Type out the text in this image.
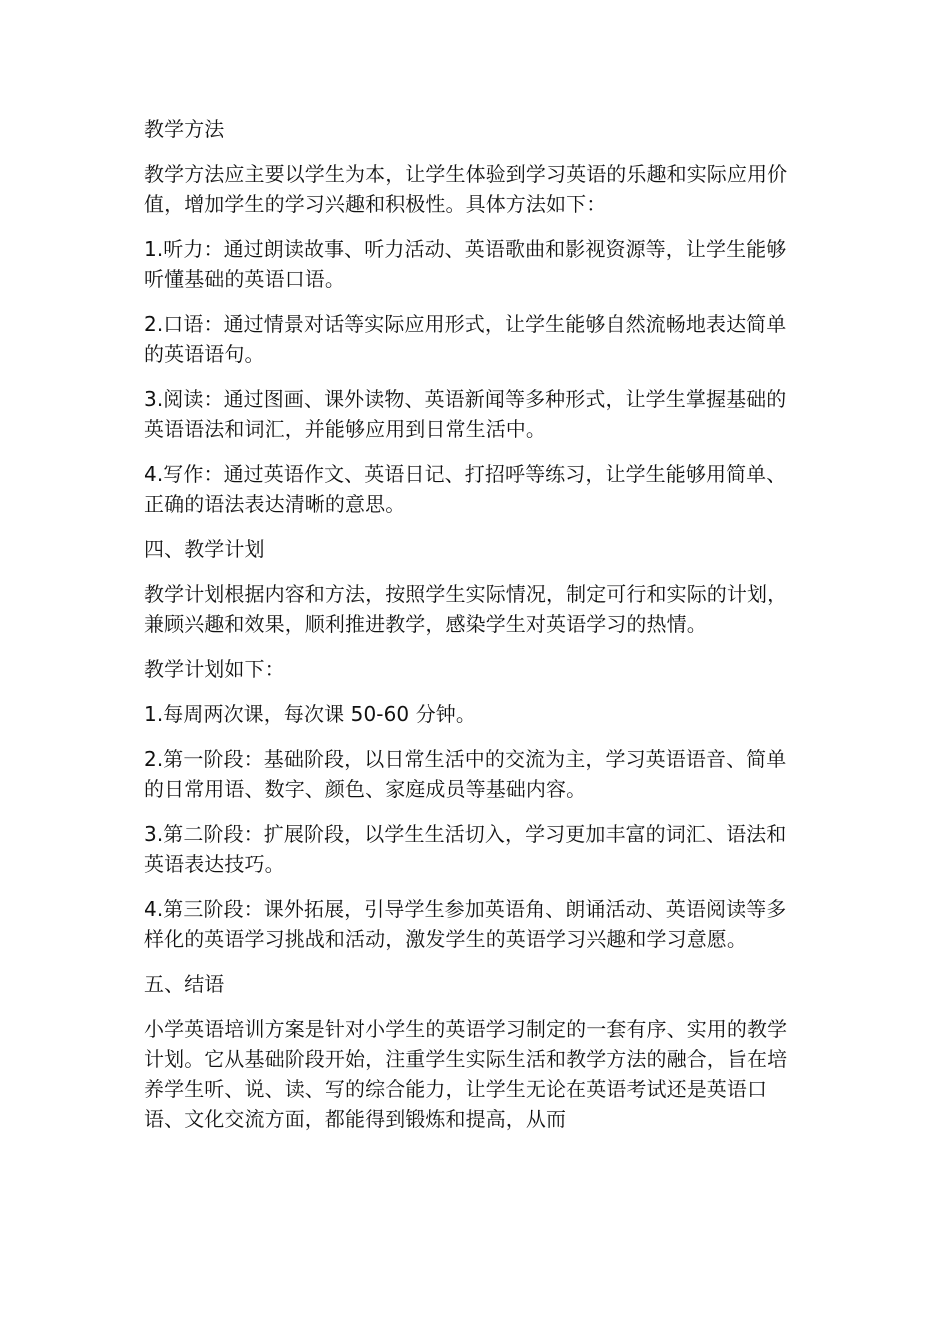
教学方法

教学方法应主要以学生为本，让学生体验到学习英语的乐趣和实际应用价值，增加学生的学习兴趣和积极性。具体方法如下：

1.听力：通过朗读故事、听力活动、英语歌曲和影视资源等，让学生能够听懂基础的英语口语。

2.口语：通过情景对话等实际应用形式，让学生能够自然流畅地表达简单的英语语句。

3.阅读：通过图画、课外读物、英语新闻等多种形式，让学生掌握基础的英语语法和词汇，并能够应用到日常生活中。

4.写作：通过英语作文、英语日记、打招呼等练习，让学生能够用简单、正确的语法表达清晰的意思。

四、教学计划

教学计划根据内容和方法，按照学生实际情况，制定可行和实际的计划，兼顾兴趣和效果，顺利推进教学，感染学生对英语学习的热情。

教学计划如下：

1.每周两次课，每次课 50-60 分钟。

2.第一阶段：基础阶段，以日常生活中的交流为主，学习英语语音、简单的日常用语、数字、颜色、家庭成员等基础内容。

3.第二阶段：扩展阶段，以学生生活切入，学习更加丰富的词汇、语法和英语表达技巧。

4.第三阶段：课外拓展，引导学生参加英语角、朗诵活动、英语阅读等多样化的英语学习挑战和活动，激发学生的英语学习兴趣和学习意愿。

五、结语

小学英语培训方案是针对小学生的英语学习制定的一套有序、实用的教学计划。它从基础阶段开始，注重学生实际生活和教学方法的融合，旨在培养学生听、说、读、写的综合能力，让学生无论在英语考试还是英语口语、文化交流方面，都能得到锻炼和提高，从而
